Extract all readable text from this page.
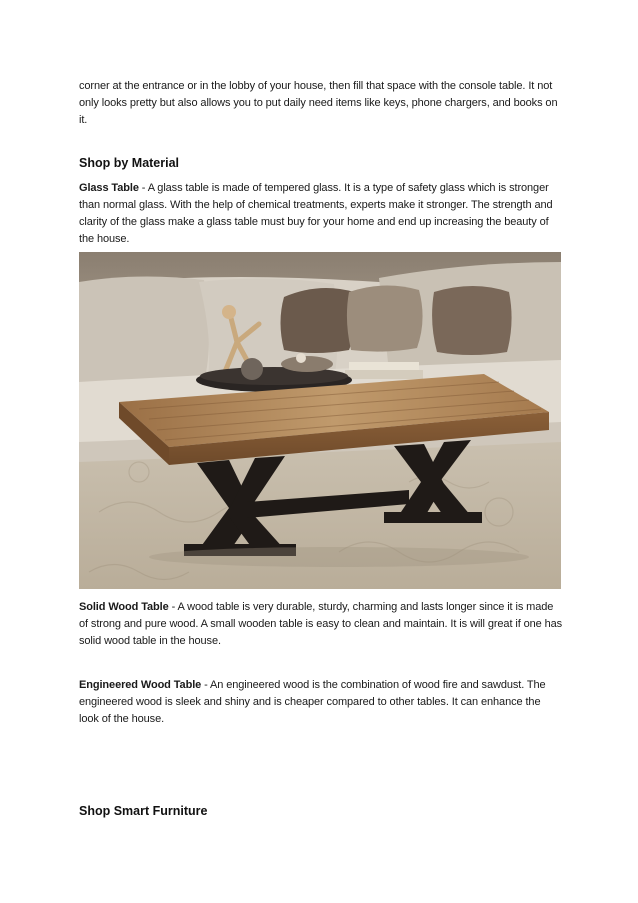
corner at the entrance or in the lobby of your house, then fill that space with the console table. It not only looks pretty but also allows you to put daily need items like keys, phone chargers, and books on it.

Shop by Material

Glass Table - A glass table is made of tempered glass. It is a type of safety glass which is stronger than normal glass. With the help of chemical treatments, experts make it stronger. The strength and clarity of the glass make a glass table must buy for your home and end up increasing the beauty of the house.

Solid Wood Table - A wood table is very durable, sturdy, charming and lasts longer since it is made of strong and pure wood. A small wooden table is easy to clean and maintain. It is will great if one has solid wood table in the house.

Engineered Wood Table - An engineered wood is the combination of wood fire and sawdust. The engineered wood is sleek and shiny and is cheaper compared to other tables. It can enhance the look of the house.

Shop Smart Furniture
